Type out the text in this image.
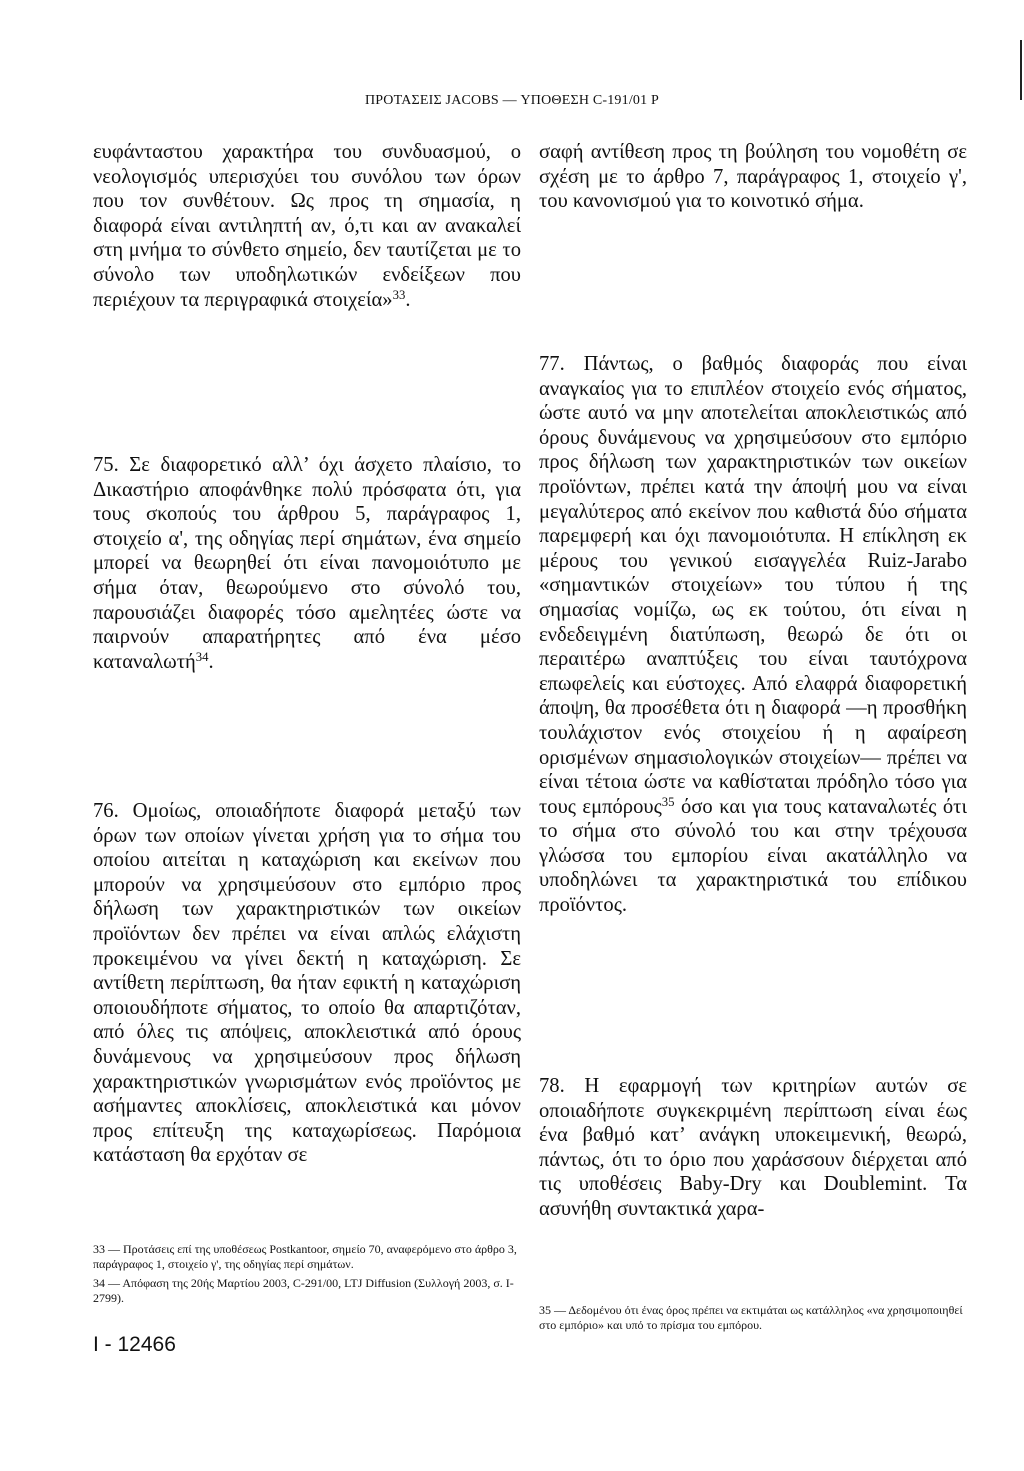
ΠΡΟΤΑΣΕΙΣ JACOBS — ΥΠΟΘΕΣΗ C-191/01 P

ευφάνταστου χαρακτήρα του συνδυασμού, ο νεολογισμός υπερισχύει του συνόλου των όρων που τον συνθέτουν. Ως προς τη σημασία, η διαφορά είναι αντιληπτή αν, ό,τι και αν ανακαλεί στη μνήμα το σύνθετο σημείο, δεν ταυτίζεται με το σύνολο των υποδηλωτικών ενδείξεων που περιέχουν τα περιγραφικά στοιχεία»$^{33}$.

75. Σε διαφορετικό αλλ’ όχι άσχετο πλαίσιο, το Δικαστήριο αποφάνθηκε πολύ πρόσφατα ότι, για τους σκοπούς του άρθρου 5, παράγραφος 1, στοιχείο α', της οδηγίας περί σημάτων, ένα σημείο μπορεί να θεωρηθεί ότι είναι πανομοιότυπο με σήμα όταν, θεωρούμενο στο σύνολό του, παρουσιάζει διαφορές τόσο αμελητέες ώστε να παιρνούν απαρατήρητες από ένα μέσο καταναλωτή$^{34}$.

76. Ομοίως, οποιαδήποτε διαφορά μεταξύ των όρων των οποίων γίνεται χρήση για το σήμα του οποίου αιτείται η καταχώριση και εκείνων που μπορούν να χρησιμεύσουν στο εμπόριο προς δήλωση των χαρακτηριστικών των οικείων προϊόντων δεν πρέπει να είναι απλώς ελάχιστη προκειμένου να γίνει δεκτή η καταχώριση. Σε αντίθετη περίπτωση, θα ήταν εφικτή η καταχώριση οποιουδήποτε σήματος, το οποίο θα απαρτιζόταν, από όλες τις απόψεις, αποκλειστικά από όρους δυνάμενους να χρησιμεύσουν προς δήλωση χαρακτηριστικών γνωρισμάτων ενός προϊόντος με ασήμαντες αποκλίσεις, αποκλειστικά και μόνον προς επίτευξη της καταχωρίσεως. Παρόμοια κατάσταση θα ερχόταν σε

σαφή αντίθεση προς τη βούληση του νομοθέτη σε σχέση με το άρθρο 7, παράγραφος 1, στοιχείο γ', του κανονισμού για το κοινοτικό σήμα.

77. Πάντως, ο βαθμός διαφοράς που είναι αναγκαίος για το επιπλέον στοιχείο ενός σήματος, ώστε αυτό να μην αποτελείται αποκλειστικώς από όρους δυνάμενους να χρησιμεύσουν στο εμπόριο προς δήλωση των χαρακτηριστικών των οικείων προϊόντων, πρέπει κατά την άποψή μου να είναι μεγαλύτερος από εκείνον που καθιστά δύο σήματα παρεμφερή και όχι πανομοιότυπα. Η επίκληση εκ μέρους του γενικού εισαγγελέα Ruiz-Jarabo «σημαντικών στοιχείων» του τύπου ή της σημασίας νομίζω, ως εκ τούτου, ότι είναι η ενδεδειγμένη διατύπωση, θεωρώ δε ότι οι περαιτέρω αναπτύξεις του είναι ταυτόχρονα επωφελείς και εύστοχες. Από ελαφρά διαφορετική άποψη, θα προσέθετα ότι η διαφορά —η προσθήκη τουλάχιστον ενός στοιχείου ή η αφαίρεση ορισμένων σημασιολογικών στοιχείων— πρέπει να είναι τέτοια ώστε να καθίσταται πρόδηλο τόσο για τους εμπόρους$^{35}$ όσο και για τους καταναλωτές ότι το σήμα στο σύνολό του και στην τρέχουσα γλώσσα του εμπορίου είναι ακατάλληλο να υποδηλώνει τα χαρακτηριστικά του επίδικου προϊόντος.

78. Η εφαρμογή των κριτηρίων αυτών σε οποιαδήποτε συγκεκριμένη περίπτωση είναι έως ένα βαθμό κατ’ ανάγκη υποκειμενική, θεωρώ, πάντως, ότι το όριο που χαράσσουν διέρχεται από τις υποθέσεις Baby-Dry και Doublemint. Τα ασυνήθη συντακτικά χαρα-

33 — Προτάσεις επί της υποθέσεως Postkantoor, σημείο 70, αναφερόμενο στο άρθρο 3, παράγραφος 1, στοιχείο γ', της οδηγίας περί σημάτων.

34 — Απόφαση της 20ής Μαρτίου 2003, C-291/00, LTJ Diffusion (Συλλογή 2003, σ. I-2799).

35 — Δεδομένου ότι ένας όρος πρέπει να εκτιμάται ως κατάλληλος «να χρησιμοποιηθεί στο εμπόριο» και υπό το πρίσμα του εμπόρου.

I - 12466
